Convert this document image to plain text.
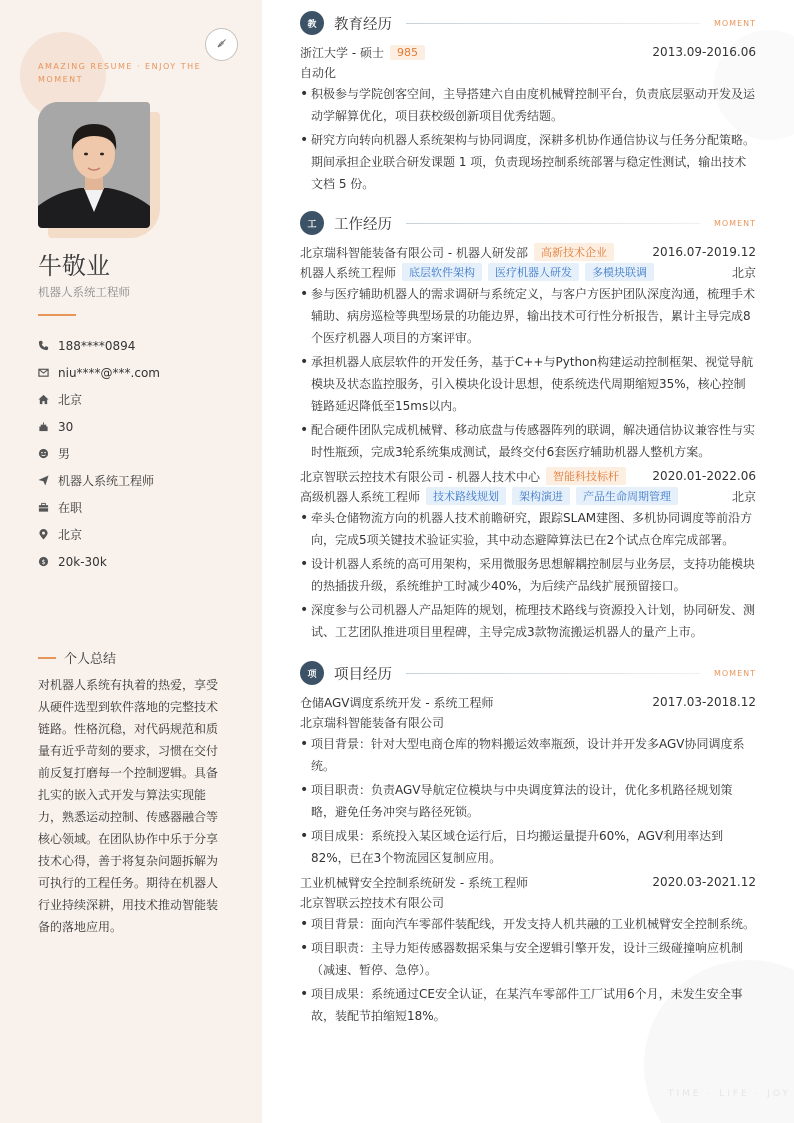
AMAZING RESUME · ENJOY THE MOMENT
牛敬业
机器人系统工程师
188****0894
niu****@***.com
北京
30
男
机器人系统工程师
在职
北京
$ 20k-30k
个人总结
对机器人系统有执着的热爱，享受从硬件选型到软件落地的完整技术链路。性格沉稳，对代码规范和质量有近乎苛刻的要求，习惯在交付前反复打磨每一个控制逻辑。具备扎实的嵌入式开发与算法实现能力，熟悉运动控制、传感器融合等核心领域。在团队协作中乐于分享技术心得，善于将复杂问题拆解为可执行的工程任务。期待在机器人行业持续深耕，用技术推动智能装备的落地应用。
教	教育经历	MOMENT
浙江大学 - 硕士	985	2013.09-2016.06
自动化
• 积极参与学院创客空间，主导搭建六自由度机械臂控制平台，负责底层驱动开发及运动学解算优化，项目获校级创新项目优秀结题。
• 研究方向转向机器人系统架构与协同调度，深耕多机协作通信协议与任务分配策略。期间承担企业联合研发课题 1 项，负责现场控制系统部署与稳定性测试，输出技术文档 5 份。
工	工作经历	MOMENT
北京瑞科智能装备有限公司 - 机器人研发部	高新技术企业	2016.07-2019.12
机器人系统工程师	底层软件架构	医疗机器人研发	多模块联调	北京
• 参与医疗辅助机器人的需求调研与系统定义，与客户方医护团队深度沟通，梳理手术辅助、病房巡检等典型场景的功能边界，输出技术可行性分析报告，累计主导完成8个医疗机器人项目的方案评审。
• 承担机器人底层软件的开发任务，基于C++与Python构建运动控制框架、视觉导航模块及状态监控服务，引入模块化设计思想，使系统迭代周期缩短35%，核心控制链路延迟降低至15ms以内。
• 配合硬件团队完成机械臂、移动底盘与传感器阵列的联调，解决通信协议兼容性与实时性瓶颈，完成3轮系统集成测试，最终交付6套医疗辅助机器人整机方案。
北京智联云控技术有限公司 - 机器人技术中心	智能科技标杆	2020.01-2022.06
高级机器人系统工程师	技术路线规划	架构演进	产品生命周期管理	北京
• 牵头仓储物流方向的机器人技术前瞻研究，跟踪SLAM建图、多机协同调度等前沿方向，完成5项关键技术验证实验，其中动态避障算法已在2个试点仓库完成部署。
• 设计机器人系统的高可用架构，采用微服务思想解耦控制层与业务层，支持功能模块的热插拔升级，系统维护工时减少40%，为后续产品线扩展预留接口。
• 深度参与公司机器人产品矩阵的规划，梳理技术路线与资源投入计划，协同研发、测试、工艺团队推进项目里程碑，主导完成3款物流搬运机器人的量产上市。
项	项目经历	MOMENT
仓储AGV调度系统开发 - 系统工程师	2017.03-2018.12
北京瑞科智能装备有限公司
• 项目背景：针对大型电商仓库的物料搬运效率瓶颈，设计并开发多AGV协同调度系统。
• 项目职责：负责AGV导航定位模块与中央调度算法的设计，优化多机路径规划策略，避免任务冲突与路径死锁。
• 项目成果：系统投入某区域仓运行后，日均搬运量提升60%，AGV利用率达到82%，已在3个物流园区复制应用。
工业机械臂安全控制系统研发 - 系统工程师	2020.03-2021.12
北京智联云控技术有限公司
• 项目背景：面向汽车零部件装配线，开发支持人机共融的工业机械臂安全控制系统。
• 项目职责：主导力矩传感器数据采集与安全逻辑引擎开发，设计三级碰撞响应机制（减速、暂停、急停）。
• 项目成果：系统通过CE安全认证，在某汽车零部件工厂试用6个月，未发生安全事故，装配节拍缩短18%。
TIME · LIFE · JOY
